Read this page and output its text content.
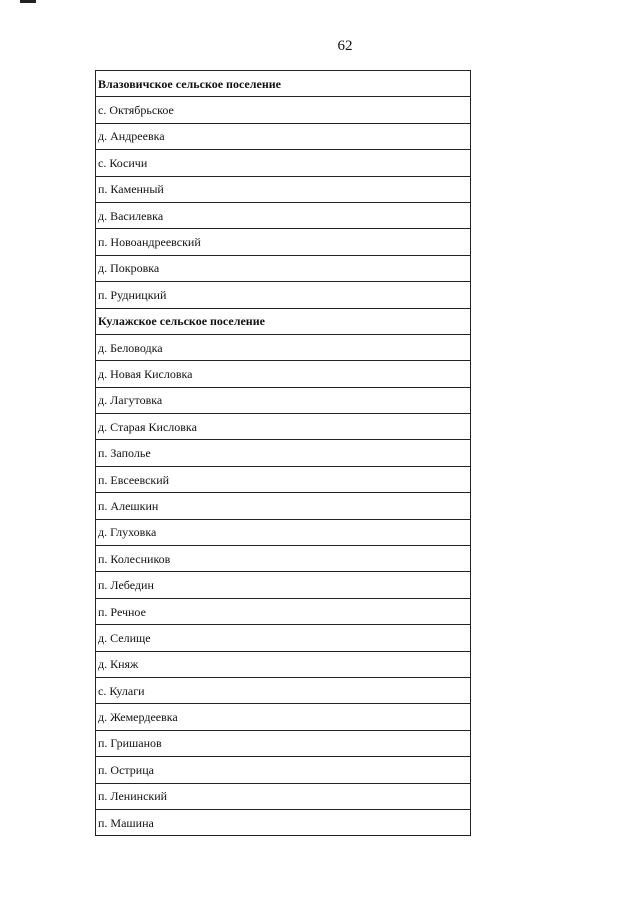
62
Влазовичское сельское поселение
с. Октябрьское
д. Андреевка
с. Косичи
п. Каменный
д. Василевка
п. Новоандреевский
д. Покровка
п. Рудницкий
Кулажское сельское поселение
д. Беловодка
д. Новая Кисловка
д. Лагутовка
д. Старая Кисловка
п. Заполье
п. Евсеевский
п. Алешкин
д. Глуховка
п. Колесников
п. Лебедин
п. Речное
д. Селище
д. Княж
с. Кулаги
д. Жемердеевка
п. Гришанов
п. Острица
п. Ленинский
п. Машина
